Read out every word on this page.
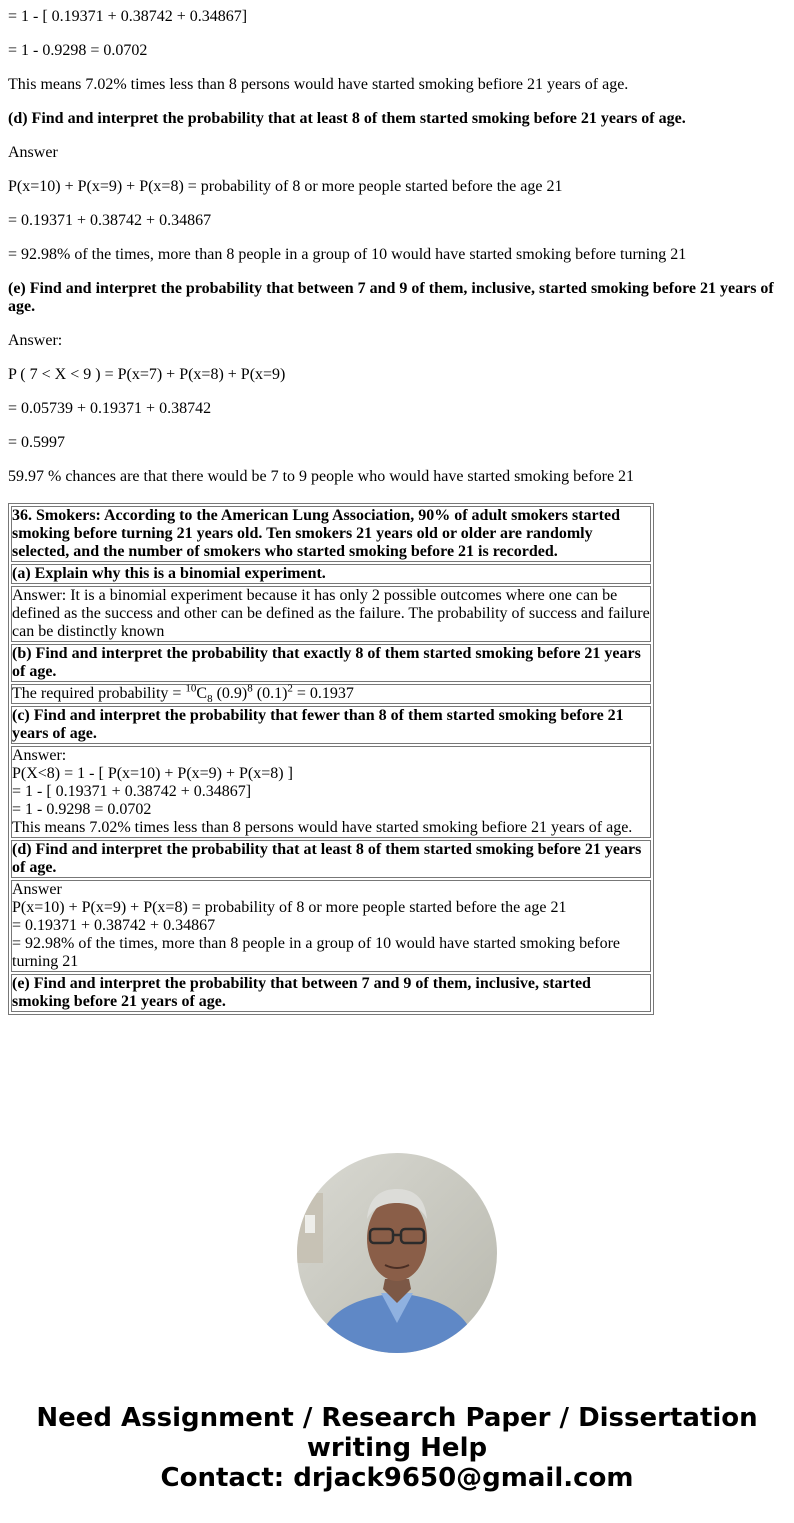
= 1 - [ 0.19371 + 0.38742 + 0.34867]

= 1 - 0.9298 = 0.0702

This means 7.02% times less than 8 persons would have started smoking befiore 21 years of age.

(d) Find and interpret the probability that at least 8 of them started smoking before 21 years of age.

Answer

P(x=10) + P(x=9) + P(x=8) = probability of 8 or more people started before the age 21

= 0.19371 + 0.38742 + 0.34867

= 92.98% of the times, more than 8 people in a group of 10 would have started smoking before turning 21

(e) Find and interpret the probability that between 7 and 9 of them, inclusive, started smoking before 21 years of age.

Answer:

P ( 7 < X < 9 ) = P(x=7) + P(x=8) + P(x=9)

= 0.05739 + 0.19371 + 0.38742

= 0.5997

59.97 % chances are that there would be 7 to 9 people who would have started smoking before 21

36. Smokers: According to the American Lung Association, 90% of adult smokers started smoking before turning 21 years old. Ten smokers 21 years old or older are randomly selected, and the number of smokers who started smoking before 21 is recorded.
(a) Explain why this is a binomial experiment.
Answer: It is a binomial experiment because it has only 2 possible outcomes where one can be defined as the success and other can be defined as the failure. The probability of success and failure can be distinctly known
(b) Find and interpret the probability that exactly 8 of them started smoking before 21 years of age.
The required probability = $^{10}C_8$ $(0.9)^8$ $(0.1)^2 = 0.1937$
(c) Find and interpret the probability that fewer than 8 of them started smoking before 21 years of age.

Answer:

P(X<8) = 1 - [ P(x=10) + P(x=9) + P(x=8) ]

= 1 - [ 0.19371 + 0.38742 + 0.34867]

= 1 - 0.9298 = 0.0702

This means 7.02% times less than 8 persons would have started smoking befiore 21 years of age.

(d) Find and interpret the probability that at least 8 of them started smoking before 21 years of age.

Answer

P(x=10) + P(x=9) + P(x=8) = probability of 8 or more people started before the age 21

= 0.19371 + 0.38742 + 0.34867

= 92.98% of the times, more than 8 people in a group of 10 would have started smoking before turning 21

(e) Find and interpret the probability that between 7 and 9 of them, inclusive, started smoking before 21 years of age.
Need Assignment / Research Paper / Dissertation writing Help
Contact: drjack9650@gmail.com
